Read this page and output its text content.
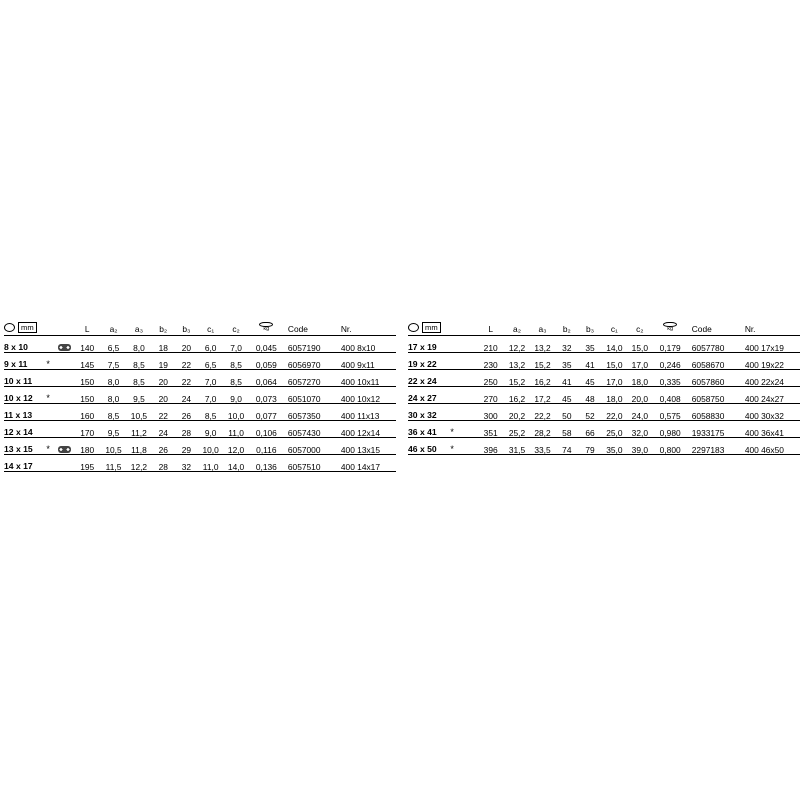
mm			L	a₂	a₃	b₂	b₃	c₁	c₂	kg	Code	Nr.
8 x 10			140	6,5	8,0	18	20	6,0	7,0	0,045	6057190	400 8x10
9 x 11	*		145	7,5	8,5	19	22	6,5	8,5	0,059	6056970	400 9x11
10 x 11			150	8,0	8,5	20	22	7,0	8,5	0,064	6057270	400 10x11
10 x 12	*		150	8,0	9,5	20	24	7,0	9,0	0,073	6051070	400 10x12
11 x 13			160	8,5	10,5	22	26	8,5	10,0	0,077	6057350	400 11x13
12 x 14			170	9,5	11,2	24	28	9,0	11,0	0,106	6057430	400 12x14
13 x 15	*		180	10,5	11,8	26	29	10,0	12,0	0,116	6057000	400 13x15
14 x 17			195	11,5	12,2	28	32	11,0	14,0	0,136	6057510	400 14x17
mm			L	a₂	a₃	b₂	b₃	c₁	c₂	kg	Code	Nr.
17 x 19			210	12,2	13,2	32	35	14,0	15,0	0,179	6057780	400 17x19
19 x 22			230	13,2	15,2	35	41	15,0	17,0	0,246	6058670	400 19x22
22 x 24			250	15,2	16,2	41	45	17,0	18,0	0,335	6057860	400 22x24
24 x 27			270	16,2	17,2	45	48	18,0	20,0	0,408	6058750	400 24x27
30 x 32			300	20,2	22,2	50	52	22,0	24,0	0,575	6058830	400 30x32
36 x 41	*		351	25,2	28,2	58	66	25,0	32,0	0,980	1933175	400 36x41
46 x 50	*		396	31,5	33,5	74	79	35,0	39,0	0,800	2297183	400 46x50
